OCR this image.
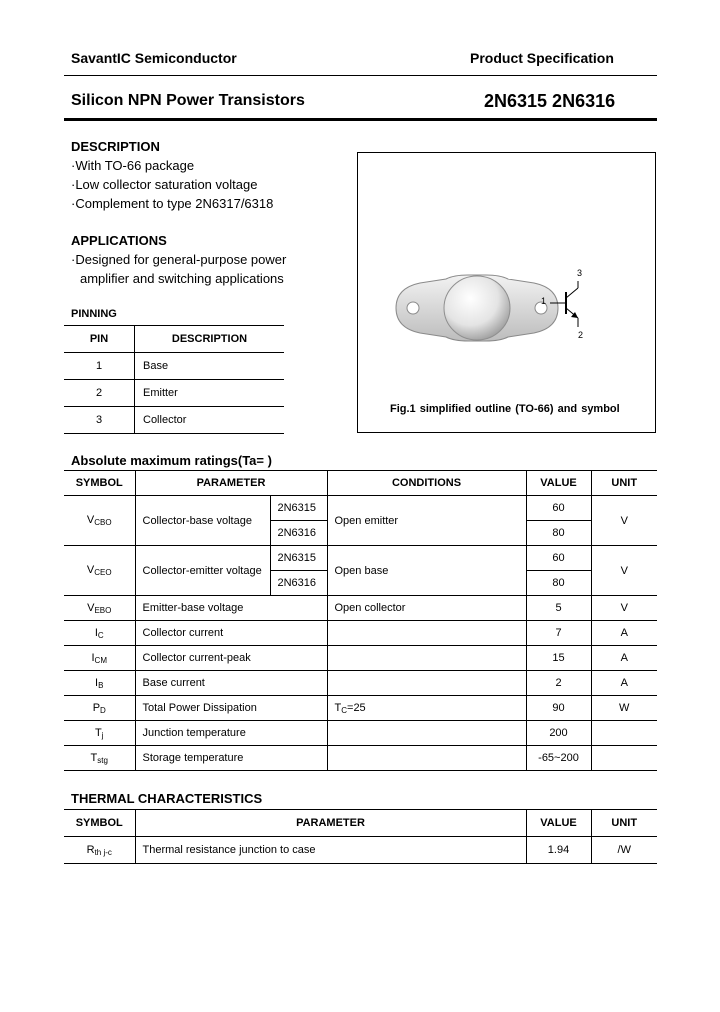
SavantIC Semiconductor	Product Specification
Silicon NPN Power Transistors	2N6315 2N6316
DESCRIPTION
·With TO-66 package
·Low collector saturation voltage
·Complement to type 2N6317/6318
APPLICATIONS
·Designed for general-purpose power
amplifier and switching applications
PINNING
PIN	DESCRIPTION
1	Base
2	Emitter
3	Collector
1
3
2
Fig.1 simplified outline (TO-66) and symbol
Absolute maximum ratings(Ta= )
SYMBOL	PARAMETER		CONDITIONS	VALUE	UNIT
$V_{CBO}$	Collector-base voltage	2N6315	Open emitter	60	V
		2N6316		80	
$V_{CEO}$	Collector-emitter voltage	2N6315	Open base	60	V
		2N6316		80	
$V_{EBO}$	Emitter-base voltage		Open collector	5	V
$I_C$	Collector current			7	A
$I_{CM}$	Collector current-peak			15	A
$I_B$	Base current			2	A
$P_D$	Total Power Dissipation		$T_C=25$	90	W
$T_j$	Junction temperature			200	
$T_{stg}$	Storage temperature			-65~200	
THERMAL CHARACTERISTICS
SYMBOL	PARAMETER	VALUE	UNIT
$R_{th j-c}$	Thermal resistance junction to case	1.94	/W
